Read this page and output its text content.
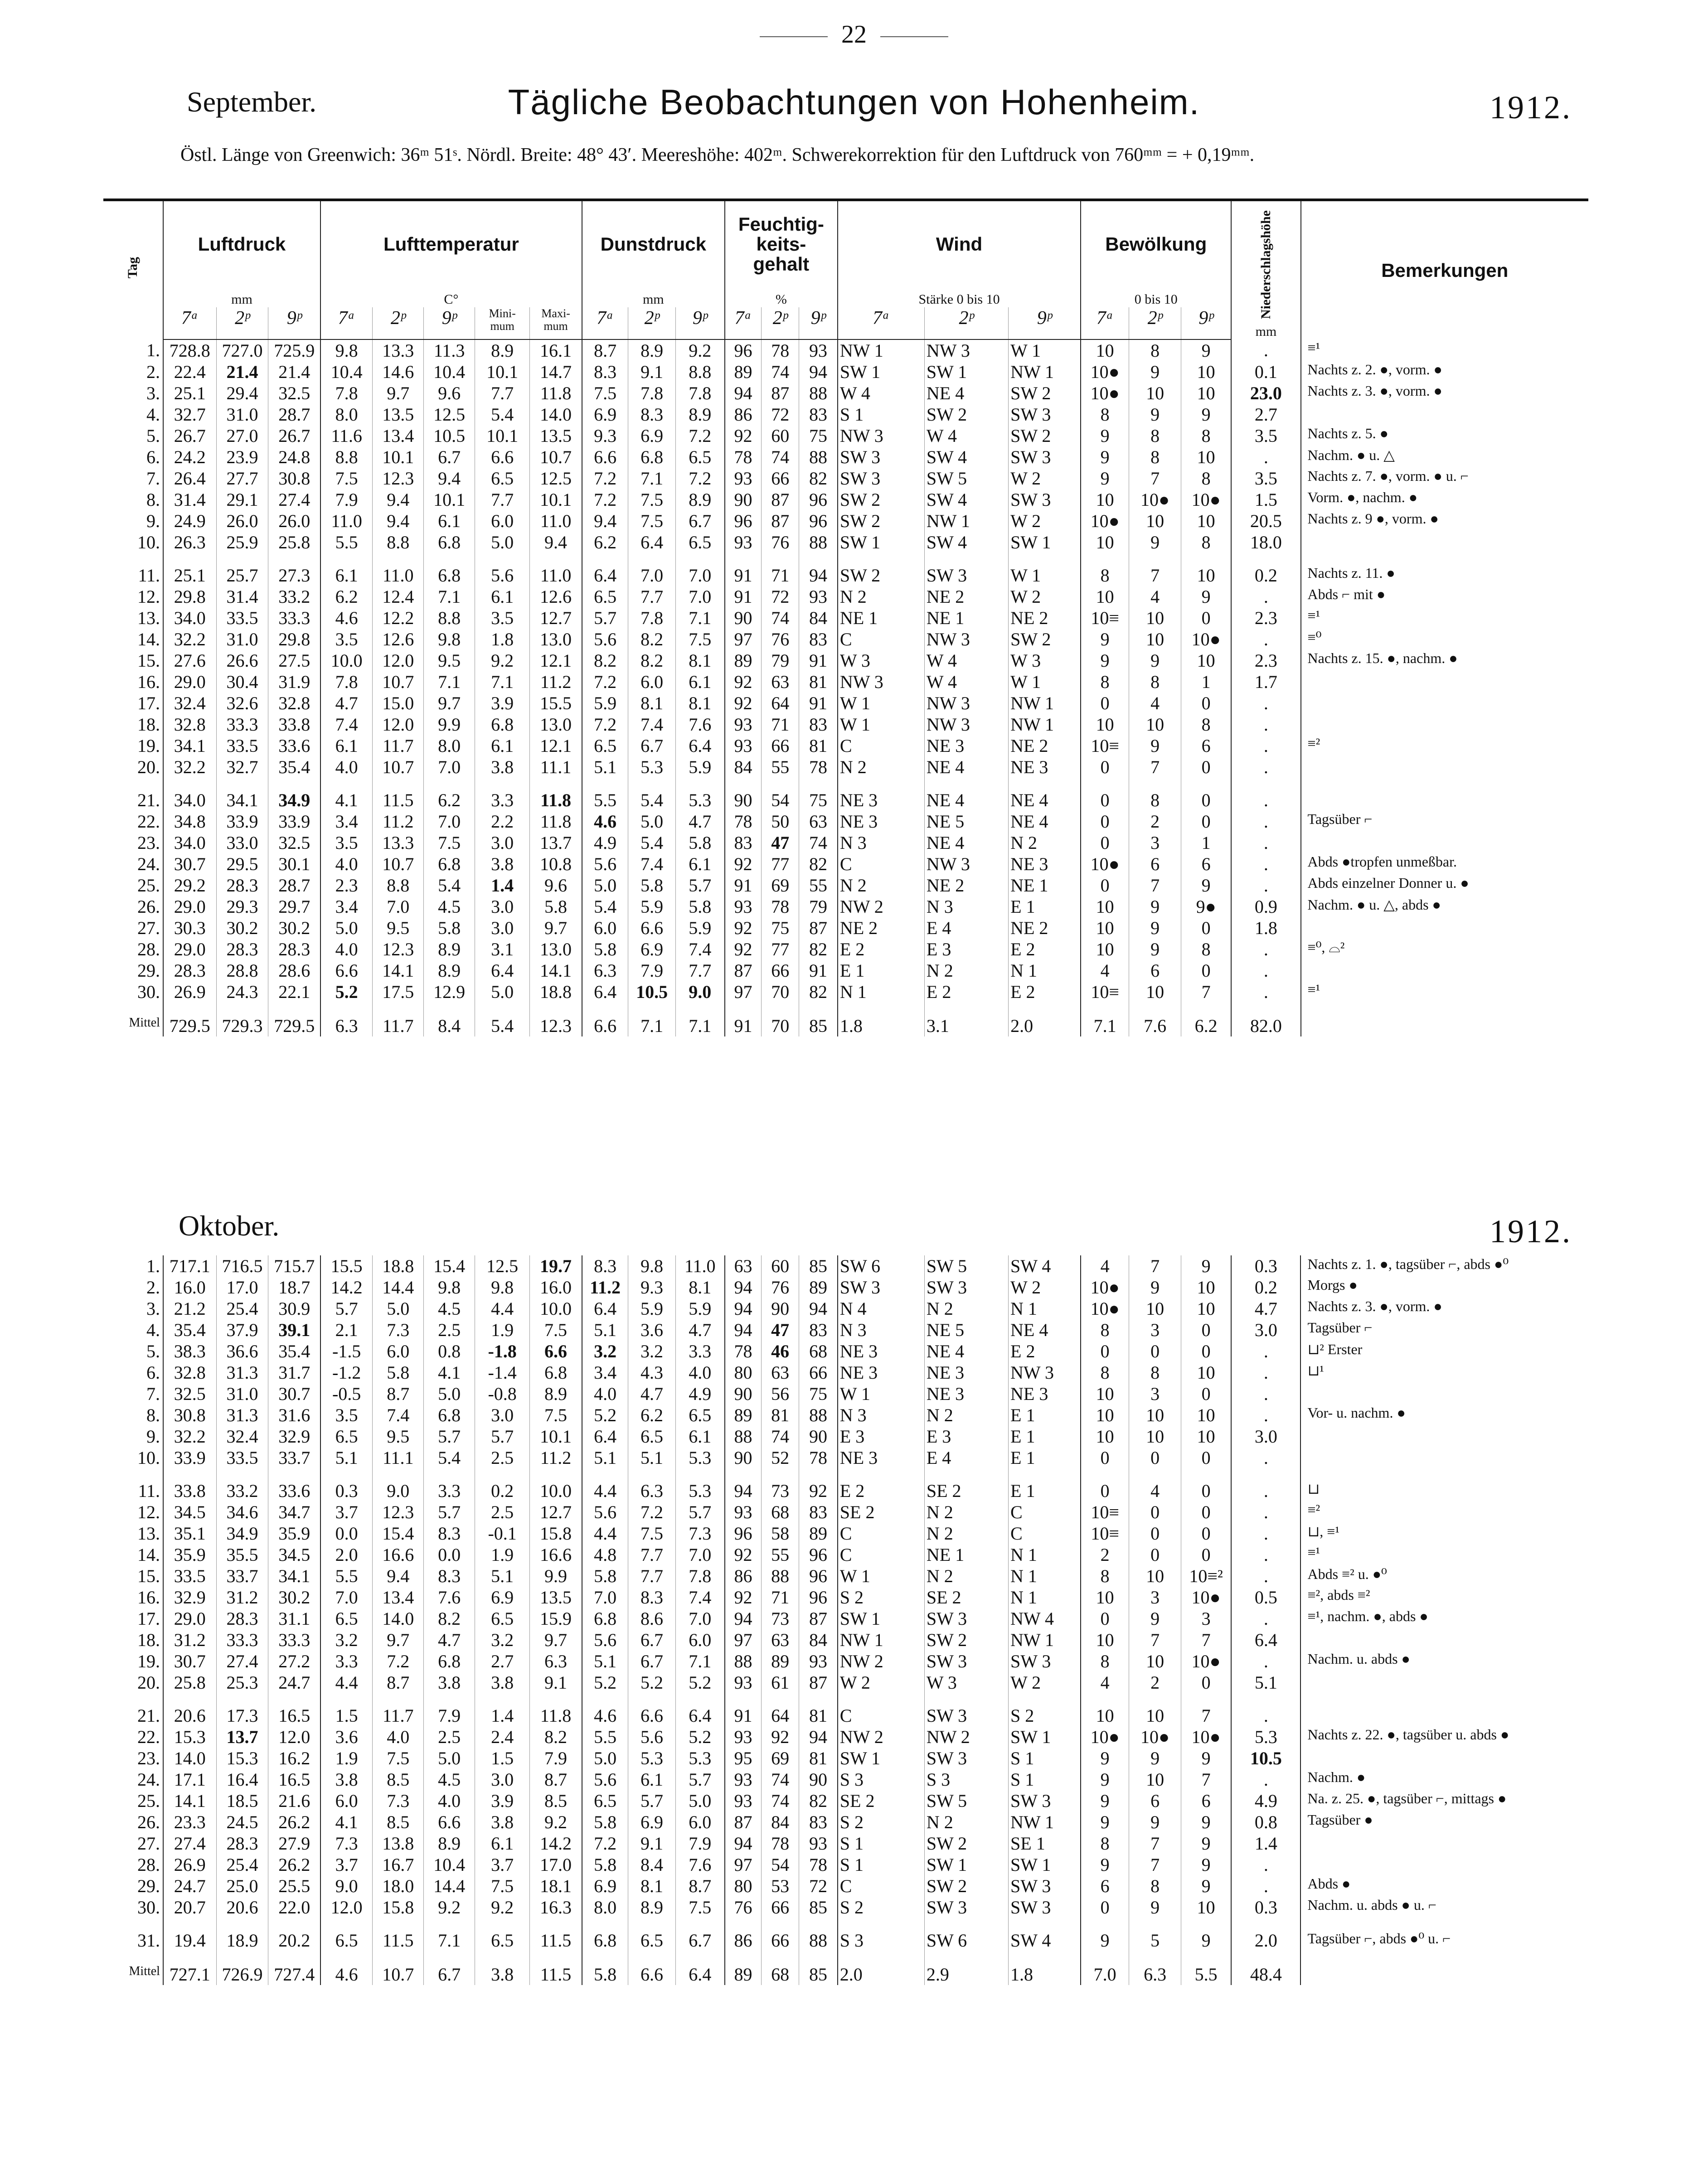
22
September.	Tägliche Beobachtungen von Hohenheim.	1912.
Östl. Länge von Greenwich: 36ᵐ 51ˢ. Nördl. Breite: 48° 43′. Meereshöhe: 402ᵐ. Schwerekorrektion für den Luftdruck von 760ᵐᵐ = + 0,19ᵐᵐ.
Tag	Luftdruck			Lufttemperatur					Dunstdruck			Feuchtig- keits- gehalt			Wind			Bewölkung			Niederschlagshöhe
mm	Bemerkungen
	mm			C°					mm			%			Stärke 0 bis 10			0 bis 10				
	7ᵃ	2ᵖ	9ᵖ	7ᵃ	2ᵖ	9ᵖ	Mini- mum	Maxi- mum	7ᵃ	2ᵖ	9ᵖ	7ᵃ	2ᵖ	9ᵖ	7ᵃ	2ᵖ	9ᵖ	7ᵃ	2ᵖ	9ᵖ		
1.	728.8	727.0	725.9	9.8	13.3	11.3	8.9	16.1	8.7	8.9	9.2	96	78	93	NW 1	NW 3	W 1	10	8	9	.	≡¹
2.	22.4	21.4	21.4	10.4	14.6	10.4	10.1	14.7	8.3	9.1	8.8	89	74	94	SW 1	SW 1	NW 1	10●	9	10	0.1	Nachts z. 2. ●, vorm. ●
3.	25.1	29.4	32.5	7.8	9.7	9.6	7.7	11.8	7.5	7.8	7.8	94	87	88	W 4	NE 4	SW 2	10●	10	10	23.0	Nachts z. 3. ●, vorm. ●
4.	32.7	31.0	28.7	8.0	13.5	12.5	5.4	14.0	6.9	8.3	8.9	86	72	83	S 1	SW 2	SW 3	8	9	9	2.7	
5.	26.7	27.0	26.7	11.6	13.4	10.5	10.1	13.5	9.3	6.9	7.2	92	60	75	NW 3	W 4	SW 2	9	8	8	3.5	Nachts z. 5. ●
6.	24.2	23.9	24.8	8.8	10.1	6.7	6.6	10.7	6.6	6.8	6.5	78	74	88	SW 3	SW 4	SW 3	9	8	10	.	Nachm. ● u. △
7.	26.4	27.7	30.8	7.5	12.3	9.4	6.5	12.5	7.2	7.1	7.2	93	66	82	SW 3	SW 5	W 2	9	7	8	3.5	Nachts z. 7. ●, vorm. ● u. ⌐
8.	31.4	29.1	27.4	7.9	9.4	10.1	7.7	10.1	7.2	7.5	8.9	90	87	96	SW 2	SW 4	SW 3	10	10●	10●	1.5	Vorm. ●, nachm. ●
9.	24.9	26.0	26.0	11.0	9.4	6.1	6.0	11.0	9.4	7.5	6.7	96	87	96	SW 2	NW 1	W 2	10●	10	10	20.5	Nachts z. 9 ●, vorm. ●
10.	26.3	25.9	25.8	5.5	8.8	6.8	5.0	9.4	6.2	6.4	6.5	93	76	88	SW 1	SW 4	SW 1	10	9	8	18.0	
11.	25.1	25.7	27.3	6.1	11.0	6.8	5.6	11.0	6.4	7.0	7.0	91	71	94	SW 2	SW 3	W 1	8	7	10	0.2	Nachts z. 11. ●
12.	29.8	31.4	33.2	6.2	12.4	7.1	6.1	12.6	6.5	7.7	7.0	91	72	93	N 2	NE 2	W 2	10	4	9	.	Abds ⌐ mit ●
13.	34.0	33.5	33.3	4.6	12.2	8.8	3.5	12.7	5.7	7.8	7.1	90	74	84	NE 1	NE 1	NE 2	10≡	10	0	2.3	≡¹
14.	32.2	31.0	29.8	3.5	12.6	9.8	1.8	13.0	5.6	8.2	7.5	97	76	83	C	NW 3	SW 2	9	10	10●	.	≡⁰
15.	27.6	26.6	27.5	10.0	12.0	9.5	9.2	12.1	8.2	8.2	8.1	89	79	91	W 3	W 4	W 3	9	9	10	2.3	Nachts z. 15. ●, nachm. ●
16.	29.0	30.4	31.9	7.8	10.7	7.1	7.1	11.2	7.2	6.0	6.1	92	63	81	NW 3	W 4	W 1	8	8	1	1.7	
17.	32.4	32.6	32.8	4.7	15.0	9.7	3.9	15.5	5.9	8.1	8.1	92	64	91	W 1	NW 3	NW 1	0	4	0	.	
18.	32.8	33.3	33.8	7.4	12.0	9.9	6.8	13.0	7.2	7.4	7.6	93	71	83	W 1	NW 3	NW 1	10	10	8	.	
19.	34.1	33.5	33.6	6.1	11.7	8.0	6.1	12.1	6.5	6.7	6.4	93	66	81	C	NE 3	NE 2	10≡	9	6	.	≡²
20.	32.2	32.7	35.4	4.0	10.7	7.0	3.8	11.1	5.1	5.3	5.9	84	55	78	N 2	NE 4	NE 3	0	7	0	.	
21.	34.0	34.1	34.9	4.1	11.5	6.2	3.3	11.8	5.5	5.4	5.3	90	54	75	NE 3	NE 4	NE 4	0	8	0	.	
22.	34.8	33.9	33.9	3.4	11.2	7.0	2.2	11.8	4.6	5.0	4.7	78	50	63	NE 3	NE 5	NE 4	0	2	0	.	Tagsüber ⌐
23.	34.0	33.0	32.5	3.5	13.3	7.5	3.0	13.7	4.9	5.4	5.8	83	47	74	N 3	NE 4	N 2	0	3	1	.	
24.	30.7	29.5	30.1	4.0	10.7	6.8	3.8	10.8	5.6	7.4	6.1	92	77	82	C	NW 3	NE 3	10●	6	6	.	Abds ●tropfen unmeßbar.
25.	29.2	28.3	28.7	2.3	8.8	5.4	1.4	9.6	5.0	5.8	5.7	91	69	55	N 2	NE 2	NE 1	0	7	9	.	Abds einzelner Donner u. ●
26.	29.0	29.3	29.7	3.4	7.0	4.5	3.0	5.8	5.4	5.9	5.8	93	78	79	NW 2	N 3	E 1	10	9	9●	0.9	Nachm. ● u. △, abds ●
27.	30.3	30.2	30.2	5.0	9.5	5.8	3.0	9.7	6.0	6.6	5.9	92	75	87	NE 2	E 4	NE 2	10	9	0	1.8	
28.	29.0	28.3	28.3	4.0	12.3	8.9	3.1	13.0	5.8	6.9	7.4	92	77	82	E 2	E 3	E 2	10	9	8	.	≡⁰, ⌓²
29.	28.3	28.8	28.6	6.6	14.1	8.9	6.4	14.1	6.3	7.9	7.7	87	66	91	E 1	N 2	N 1	4	6	0	.	
30.	26.9	24.3	22.1	5.2	17.5	12.9	5.0	18.8	6.4	10.5	9.0	97	70	82	N 1	E 2	E 2	10≡	10	7	.	≡¹
Mittel	729.5	729.3	729.5	6.3	11.7	8.4	5.4	12.3	6.6	7.1	7.1	91	70	85	1.8	3.1	2.0	7.1	7.6	6.2	82.0	
Oktober.	1912.
1.	717.1	716.5	715.7	15.5	18.8	15.4	12.5	19.7	8.3	9.8	11.0	63	60	85	SW 6	SW 5	SW 4	4	7	9	0.3	Nachts z. 1. ●, tagsüber ⌐, abds ●⁰
2.	16.0	17.0	18.7	14.2	14.4	9.8	9.8	16.0	11.2	9.3	8.1	94	76	89	SW 3	SW 3	W 2	10●	9	10	0.2	Morgs ●
3.	21.2	25.4	30.9	5.7	5.0	4.5	4.4	10.0	6.4	5.9	5.9	94	90	94	N 4	N 2	N 1	10●	10	10	4.7	Nachts z. 3. ●, vorm. ●
4.	35.4	37.9	39.1	2.1	7.3	2.5	1.9	7.5	5.1	3.6	4.7	94	47	83	N 3	NE 5	NE 4	8	3	0	3.0	Tagsüber ⌐
5.	38.3	36.6	35.4	-1.5	6.0	0.8	-1.8	6.6	3.2	3.2	3.3	78	46	68	NE 3	NE 4	E 2	0	0	0	.	⊔² Erster
6.	32.8	31.3	31.7	-1.2	5.8	4.1	-1.4	6.8	3.4	4.3	4.0	80	63	66	NE 3	NE 3	NW 3	8	8	10	.	⊔¹
7.	32.5	31.0	30.7	-0.5	8.7	5.0	-0.8	8.9	4.0	4.7	4.9	90	56	75	W 1	NE 3	NE 3	10	3	0	.	
8.	30.8	31.3	31.6	3.5	7.4	6.8	3.0	7.5	5.2	6.2	6.5	89	81	88	N 3	N 2	E 1	10	10	10	.	Vor- u. nachm. ●
9.	32.2	32.4	32.9	6.5	9.5	5.7	5.7	10.1	6.4	6.5	6.1	88	74	90	E 3	E 3	E 1	10	10	10	3.0	
10.	33.9	33.5	33.7	5.1	11.1	5.4	2.5	11.2	5.1	5.1	5.3	90	52	78	NE 3	E 4	E 1	0	0	0	.	
11.	33.8	33.2	33.6	0.3	9.0	3.3	0.2	10.0	4.4	6.3	5.3	94	73	92	E 2	SE 2	E 1	0	4	0	.	⊔
12.	34.5	34.6	34.7	3.7	12.3	5.7	2.5	12.7	5.6	7.2	5.7	93	68	83	SE 2	N 2	C	10≡	0	0	.	≡²
13.	35.1	34.9	35.9	0.0	15.4	8.3	-0.1	15.8	4.4	7.5	7.3	96	58	89	C	N 2	C	10≡	0	0	.	⊔, ≡¹
14.	35.9	35.5	34.5	2.0	16.6	0.0	1.9	16.6	4.8	7.7	7.0	92	55	96	C	NE 1	N 1	2	0	0	.	≡¹
15.	33.5	33.7	34.1	5.5	9.4	8.3	5.1	9.9	5.8	7.7	7.8	86	88	96	W 1	N 2	N 1	8	10	10≡²	.	Abds ≡² u. ●⁰
16.	32.9	31.2	30.2	7.0	13.4	7.6	6.9	13.5	7.0	8.3	7.4	92	71	96	S 2	SE 2	N 1	10	3	10●	0.5	≡², abds ≡²
17.	29.0	28.3	31.1	6.5	14.0	8.2	6.5	15.9	6.8	8.6	7.0	94	73	87	SW 1	SW 3	NW 4	0	9	3	.	≡¹, nachm. ●, abds ●
18.	31.2	33.3	33.3	3.2	9.7	4.7	3.2	9.7	5.6	6.7	6.0	97	63	84	NW 1	SW 2	NW 1	10	7	7	6.4	
19.	30.7	27.4	27.2	3.3	7.2	6.8	2.7	6.3	5.1	6.7	7.1	88	89	93	NW 2	SW 3	SW 3	8	10	10●	.	Nachm. u. abds ●
20.	25.8	25.3	24.7	4.4	8.7	3.8	3.8	9.1	5.2	5.2	5.2	93	61	87	W 2	W 3	W 2	4	2	0	5.1	
21.	20.6	17.3	16.5	1.5	11.7	7.9	1.4	11.8	4.6	6.6	6.4	91	64	81	C	SW 3	S 2	10	10	7	.	
22.	15.3	13.7	12.0	3.6	4.0	2.5	2.4	8.2	5.5	5.6	5.2	93	92	94	NW 2	NW 2	SW 1	10●	10●	10●	5.3	Nachts z. 22. ●, tagsüber u. abds ●
23.	14.0	15.3	16.2	1.9	7.5	5.0	1.5	7.9	5.0	5.3	5.3	95	69	81	SW 1	SW 3	S 1	9	9	9	10.5	
24.	17.1	16.4	16.5	3.8	8.5	4.5	3.0	8.7	5.6	6.1	5.7	93	74	90	S 3	S 3	S 1	9	10	7	.	Nachm. ●
25.	14.1	18.5	21.6	6.0	7.3	4.0	3.9	8.5	6.5	5.7	5.0	93	74	82	SE 2	SW 5	SW 3	9	6	6	4.9	Na. z. 25. ●, tagsüber ⌐, mittags ●
26.	23.3	24.5	26.2	4.1	8.5	6.6	3.8	9.2	5.8	6.9	6.0	87	84	83	S 2	N 2	NW 1	9	9	9	0.8	Tagsüber ●
27.	27.4	28.3	27.9	7.3	13.8	8.9	6.1	14.2	7.2	9.1	7.9	94	78	93	S 1	SW 2	SE 1	8	7	9	1.4	
28.	26.9	25.4	26.2	3.7	16.7	10.4	3.7	17.0	5.8	8.4	7.6	97	54	78	S 1	SW 1	SW 1	9	7	9	.	
29.	24.7	25.0	25.5	9.0	18.0	14.4	7.5	18.1	6.9	8.1	8.7	80	53	72	C	SW 2	SW 3	6	8	9	.	Abds ●
30.	20.7	20.6	22.0	12.0	15.8	9.2	9.2	16.3	8.0	8.9	7.5	76	66	85	S 2	SW 3	SW 3	0	9	10	0.3	Nachm. u. abds ● u. ⌐
31.	19.4	18.9	20.2	6.5	11.5	7.1	6.5	11.5	6.8	6.5	6.7	86	66	88	S 3	SW 6	SW 4	9	5	9	2.0	Tagsüber ⌐, abds ●⁰ u. ⌐
Mittel	727.1	726.9	727.4	4.6	10.7	6.7	3.8	11.5	5.8	6.6	6.4	89	68	85	2.0	2.9	1.8	7.0	6.3	5.5	48.4	
